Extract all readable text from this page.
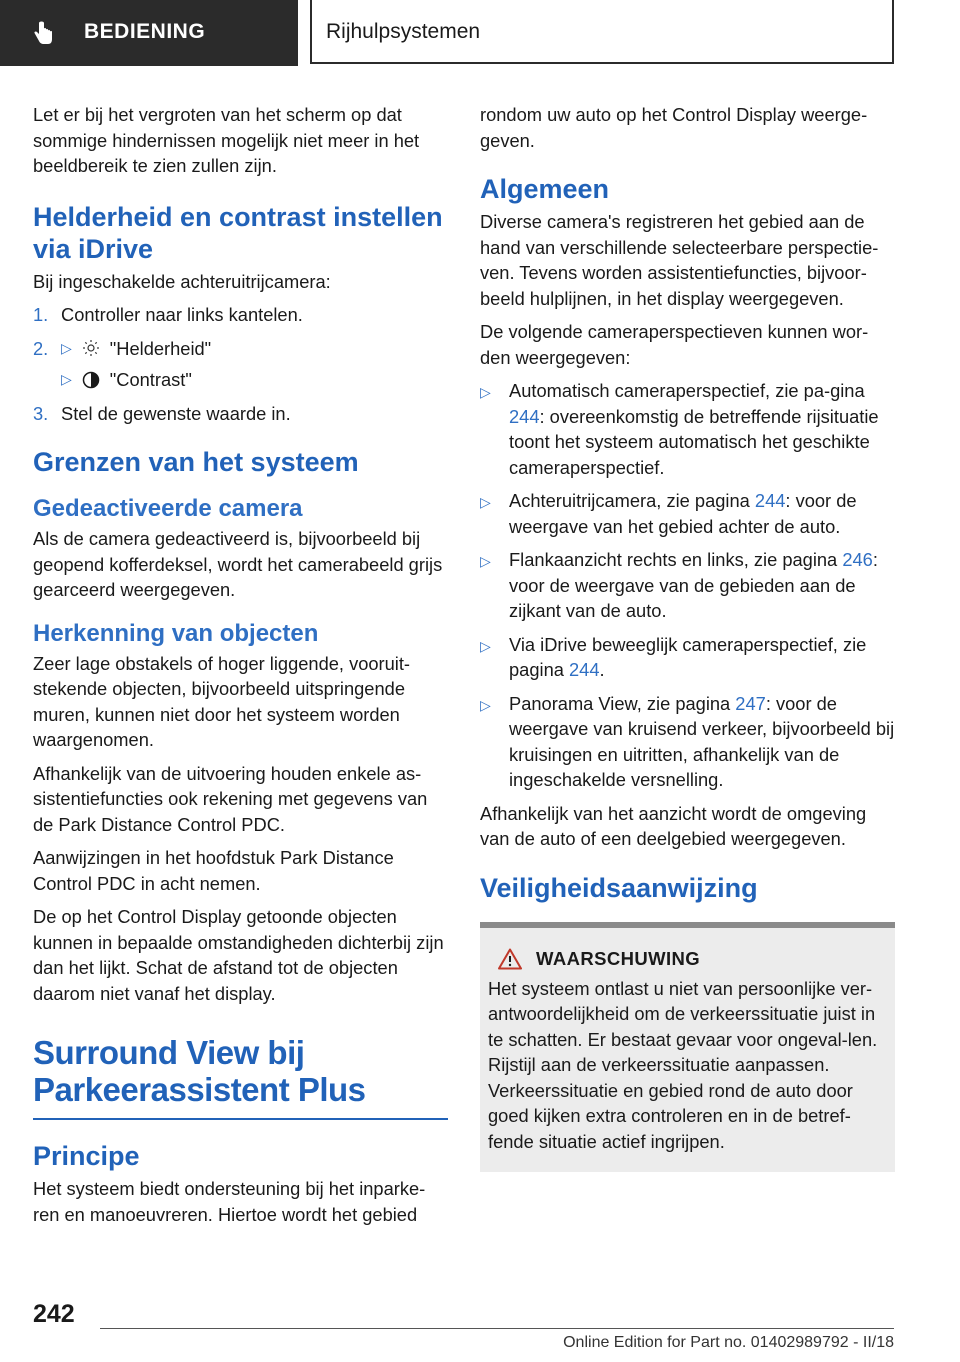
BEDIENING	Rijhulpsystemen

Let er bij het vergroten van het scherm op dat sommige hindernissen mogelijk niet meer in het beeldbereik te zien zullen zijn.

Helderheid en contrast instellen via iDrive

Bij ingeschakelde achteruitrijcamera:

1. Controller naar links kantelen.
2. ▷ "Helderheid"
▷ "Contrast"
3. Stel de gewenste waarde in.
Grenzen van het systeem
Gedeactiveerde camera

Als de camera gedeactiveerd is, bijvoorbeeld bij geopend kofferdeksel, wordt het camerabeeld grijs gearceerd weergegeven.

Herkenning van objecten

Zeer lage obstakels of hoger liggende, vooruit-stekende objecten, bijvoorbeeld uitspringende muren, kunnen niet door het systeem worden waargenomen.

Afhankelijk van de uitvoering houden enkele as-sistentiefuncties ook rekening met gegevens van de Park Distance Control PDC.

Aanwijzingen in het hoofdstuk Park Distance Control PDC in acht nemen.

De op het Control Display getoonde objecten kunnen in bepaalde omstandigheden dichterbij zijn dan het lijkt. Schat de afstand tot de objecten daarom niet vanaf het display.

Surround View bij Parkeerassistent Plus
Principe

Het systeem biedt ondersteuning bij het inparke-ren en manoeuvreren. Hiertoe wordt het gebied

rondom uw auto op het Control Display weerge-geven.

Algemeen

Diverse camera's registreren het gebied aan de hand van verschillende selecteerbare perspectie-ven. Tevens worden assistentiefuncties, bijvoor-beeld hulplijnen, in het display weergegeven.

De volgende cameraperspectieven kunnen wor-den weergegeven:

▷ Automatisch cameraperspectief, zie pa-gina 244: overeenkomstig de betreffende rijsituatie toont het systeem automatisch het geschikte cameraperspectief.
▷ Achteruitrijcamera, zie pagina 244: voor de weergave van het gebied achter de auto.
▷ Flankaanzicht rechts en links, zie pagina 246: voor de weergave van de gebieden aan de zijkant van de auto.
▷ Via iDrive beweeglijk cameraperspectief, zie pagina 244.
▷ Panorama View, zie pagina 247: voor de weergave van kruisend verkeer, bijvoorbeeld bij kruisingen en uitritten, afhankelijk van de ingeschakelde versnelling.

Afhankelijk van het aanzicht wordt de omgeving van de auto of een deelgebied weergegeven.

Veiligheidsaanwijzing
WAARSCHUWING

Het systeem ontlast u niet van persoonlijke ver-antwoordelijkheid om de verkeerssituatie juist in te schatten. Er bestaat gevaar voor ongeval-len. Rijstijl aan de verkeerssituatie aanpassen. Verkeerssituatie en gebied rond de auto door goed kijken extra controleren en in de betref-fende situatie actief ingrijpen.

242
Online Edition for Part no. 01402989792 - II/18
